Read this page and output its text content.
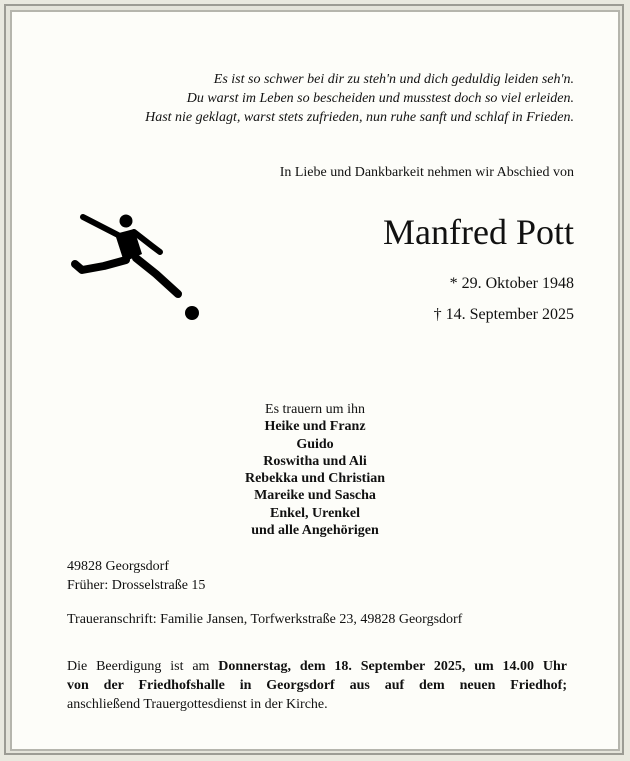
Es ist so schwer bei dir zu steh'n und dich geduldig leiden seh'n.
Du warst im Leben so bescheiden und musstest doch so viel erleiden.
Hast nie geklagt, warst stets zufrieden, nun ruhe sanft und schlaf in Frieden.
In Liebe und Dankbarkeit nehmen wir Abschied von
Manfred Pott
* 29. Oktober 1948
† 14. September 2025
Es trauern um ihn
Heike und Franz
Guido
Roswitha und Ali
Rebekka und Christian
Mareike und Sascha
Enkel, Urenkel
und alle Angehörigen
49828 Georgsdorf
Früher: Drosselstraße 15
Traueranschrift: Familie Jansen, Torfwerkstraße 23, 49828 Georgsdorf
Die Beerdigung ist am Donnerstag, dem 18. September 2025, um 14.00 Uhr
von der Friedhofshalle in Georgsdorf aus auf dem neuen Friedhof;
anschließend Trauergottesdienst in der Kirche.
